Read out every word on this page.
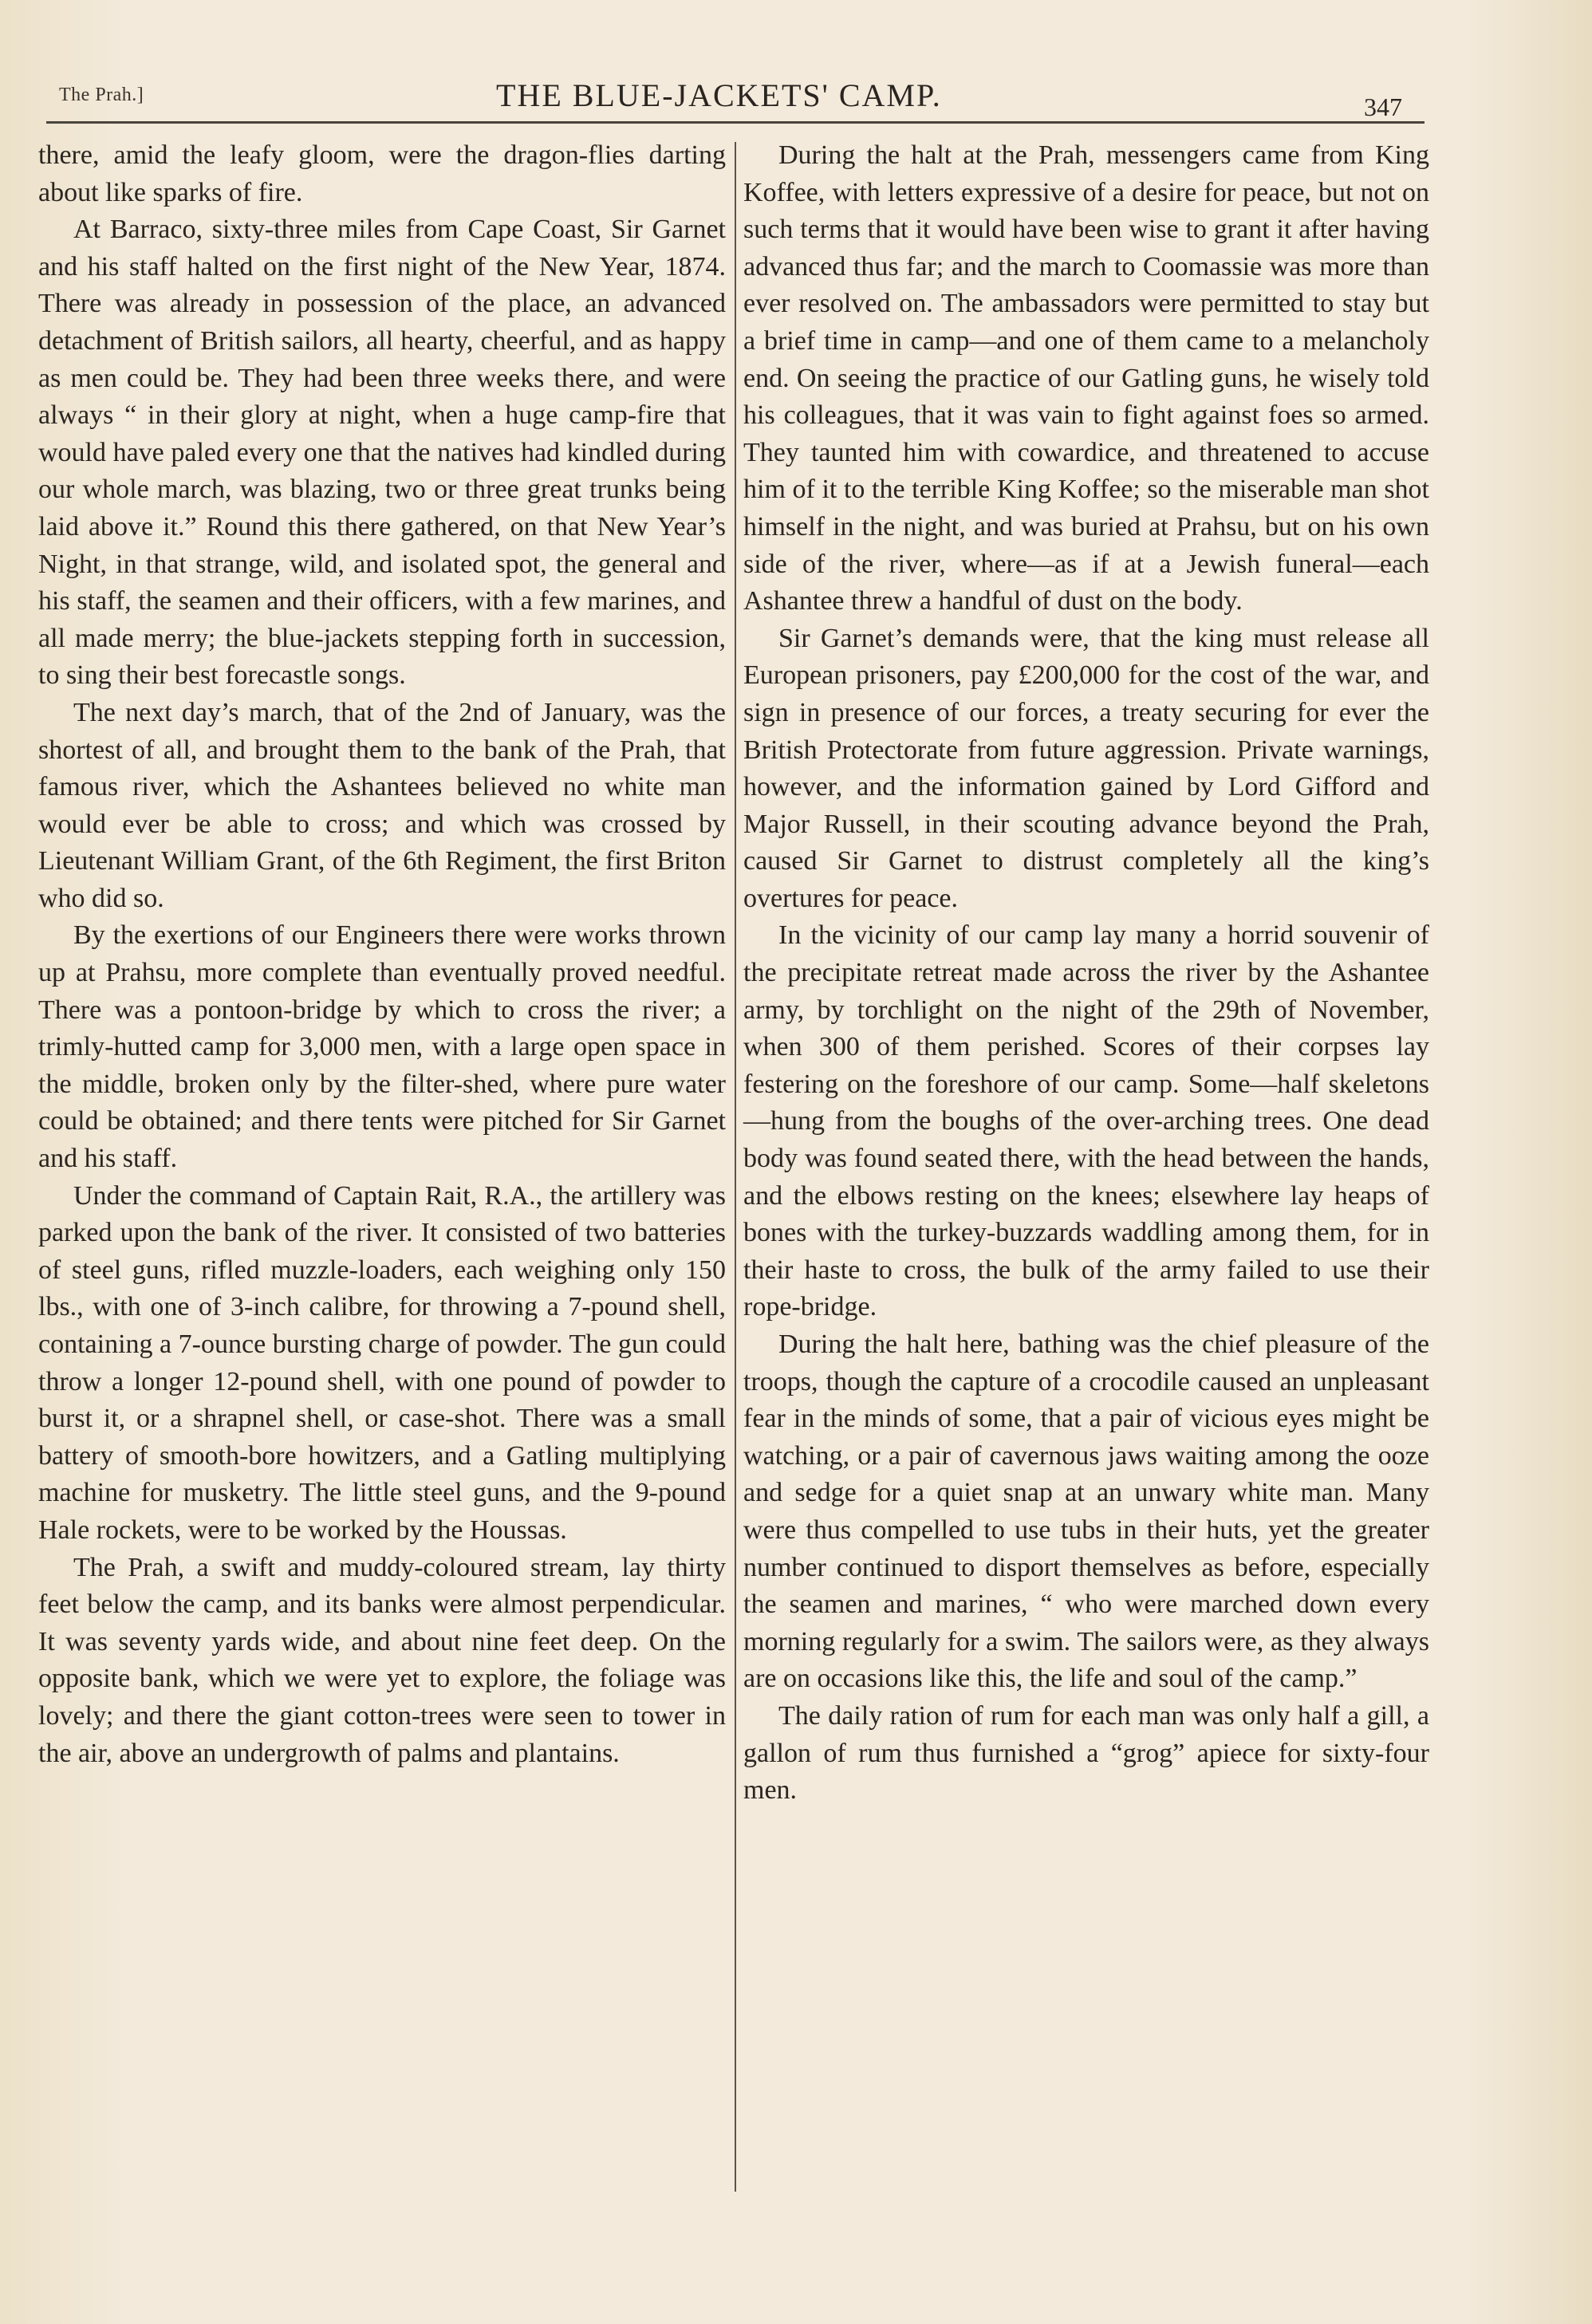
The Prah.]	THE BLUE-JACKETS' CAMP.	347

there, amid the leafy gloom, were the dragon-flies darting about like sparks of fire.

At Barraco, sixty-three miles from Cape Coast, Sir Garnet and his staff halted on the first night of the New Year, 1874. There was already in possession of the place, an advanced detachment of British sailors, all hearty, cheerful, and as happy as men could be. They had been three weeks there, and were always “ in their glory at night, when a huge camp-fire that would have paled every one that the natives had kindled during our whole march, was blazing, two or three great trunks being laid above it.” Round this there gathered, on that New Year’s Night, in that strange, wild, and isolated spot, the general and his staff, the seamen and their officers, with a few marines, and all made merry; the blue-jackets stepping forth in succession, to sing their best forecastle songs.

The next day’s march, that of the 2nd of January, was the shortest of all, and brought them to the bank of the Prah, that famous river, which the Ashantees believed no white man would ever be able to cross; and which was crossed by Lieutenant William Grant, of the 6th Regiment, the first Briton who did so.

By the exertions of our Engineers there were works thrown up at Prahsu, more complete than eventually proved needful. There was a pontoon-bridge by which to cross the river; a trimly-hutted camp for 3,000 men, with a large open space in the middle, broken only by the filter-shed, where pure water could be obtained; and there tents were pitched for Sir Garnet and his staff.

Under the command of Captain Rait, R.A., the artillery was parked upon the bank of the river. It consisted of two batteries of steel guns, rifled muzzle-loaders, each weighing only 150 lbs., with one of 3-inch calibre, for throwing a 7-pound shell, containing a 7-ounce bursting charge of powder. The gun could throw a longer 12-pound shell, with one pound of powder to burst it, or a shrapnel shell, or case-shot. There was a small battery of smooth-bore howitzers, and a Gatling multiplying machine for musketry. The little steel guns, and the 9-pound Hale rockets, were to be worked by the Houssas.

The Prah, a swift and muddy-coloured stream, lay thirty feet below the camp, and its banks were almost perpendicular. It was seventy yards wide, and about nine feet deep. On the opposite bank, which we were yet to explore, the foliage was lovely; and there the giant cotton-trees were seen to tower in the air, above an undergrowth of palms and plantains.

During the halt at the Prah, messengers came from King Koffee, with letters expressive of a desire for peace, but not on such terms that it would have been wise to grant it after having advanced thus far; and the march to Coomassie was more than ever resolved on. The ambassadors were permitted to stay but a brief time in camp—and one of them came to a melancholy end. On seeing the practice of our Gatling guns, he wisely told his colleagues, that it was vain to fight against foes so armed. They taunted him with cowardice, and threatened to accuse him of it to the terrible King Koffee; so the miserable man shot himself in the night, and was buried at Prahsu, but on his own side of the river, where—as if at a Jewish funeral—each Ashantee threw a handful of dust on the body.

Sir Garnet’s demands were, that the king must release all European prisoners, pay £200,000 for the cost of the war, and sign in presence of our forces, a treaty securing for ever the British Protectorate from future aggression. Private warnings, however, and the information gained by Lord Gifford and Major Russell, in their scouting advance beyond the Prah, caused Sir Garnet to distrust completely all the king’s overtures for peace.

In the vicinity of our camp lay many a horrid souvenir of the precipitate retreat made across the river by the Ashantee army, by torchlight on the night of the 29th of November, when 300 of them perished. Scores of their corpses lay festering on the foreshore of our camp. Some—half skeletons—hung from the boughs of the over-arching trees. One dead body was found seated there, with the head between the hands, and the elbows resting on the knees; elsewhere lay heaps of bones with the turkey-buzzards waddling among them, for in their haste to cross, the bulk of the army failed to use their rope-bridge.

During the halt here, bathing was the chief pleasure of the troops, though the capture of a crocodile caused an unpleasant fear in the minds of some, that a pair of vicious eyes might be watching, or a pair of cavernous jaws waiting among the ooze and sedge for a quiet snap at an unwary white man. Many were thus compelled to use tubs in their huts, yet the greater number continued to disport themselves as before, especially the seamen and marines, “ who were marched down every morning regularly for a swim. The sailors were, as they always are on occasions like this, the life and soul of the camp.”

The daily ration of rum for each man was only half a gill, a gallon of rum thus furnished a “grog” apiece for sixty-four men.
